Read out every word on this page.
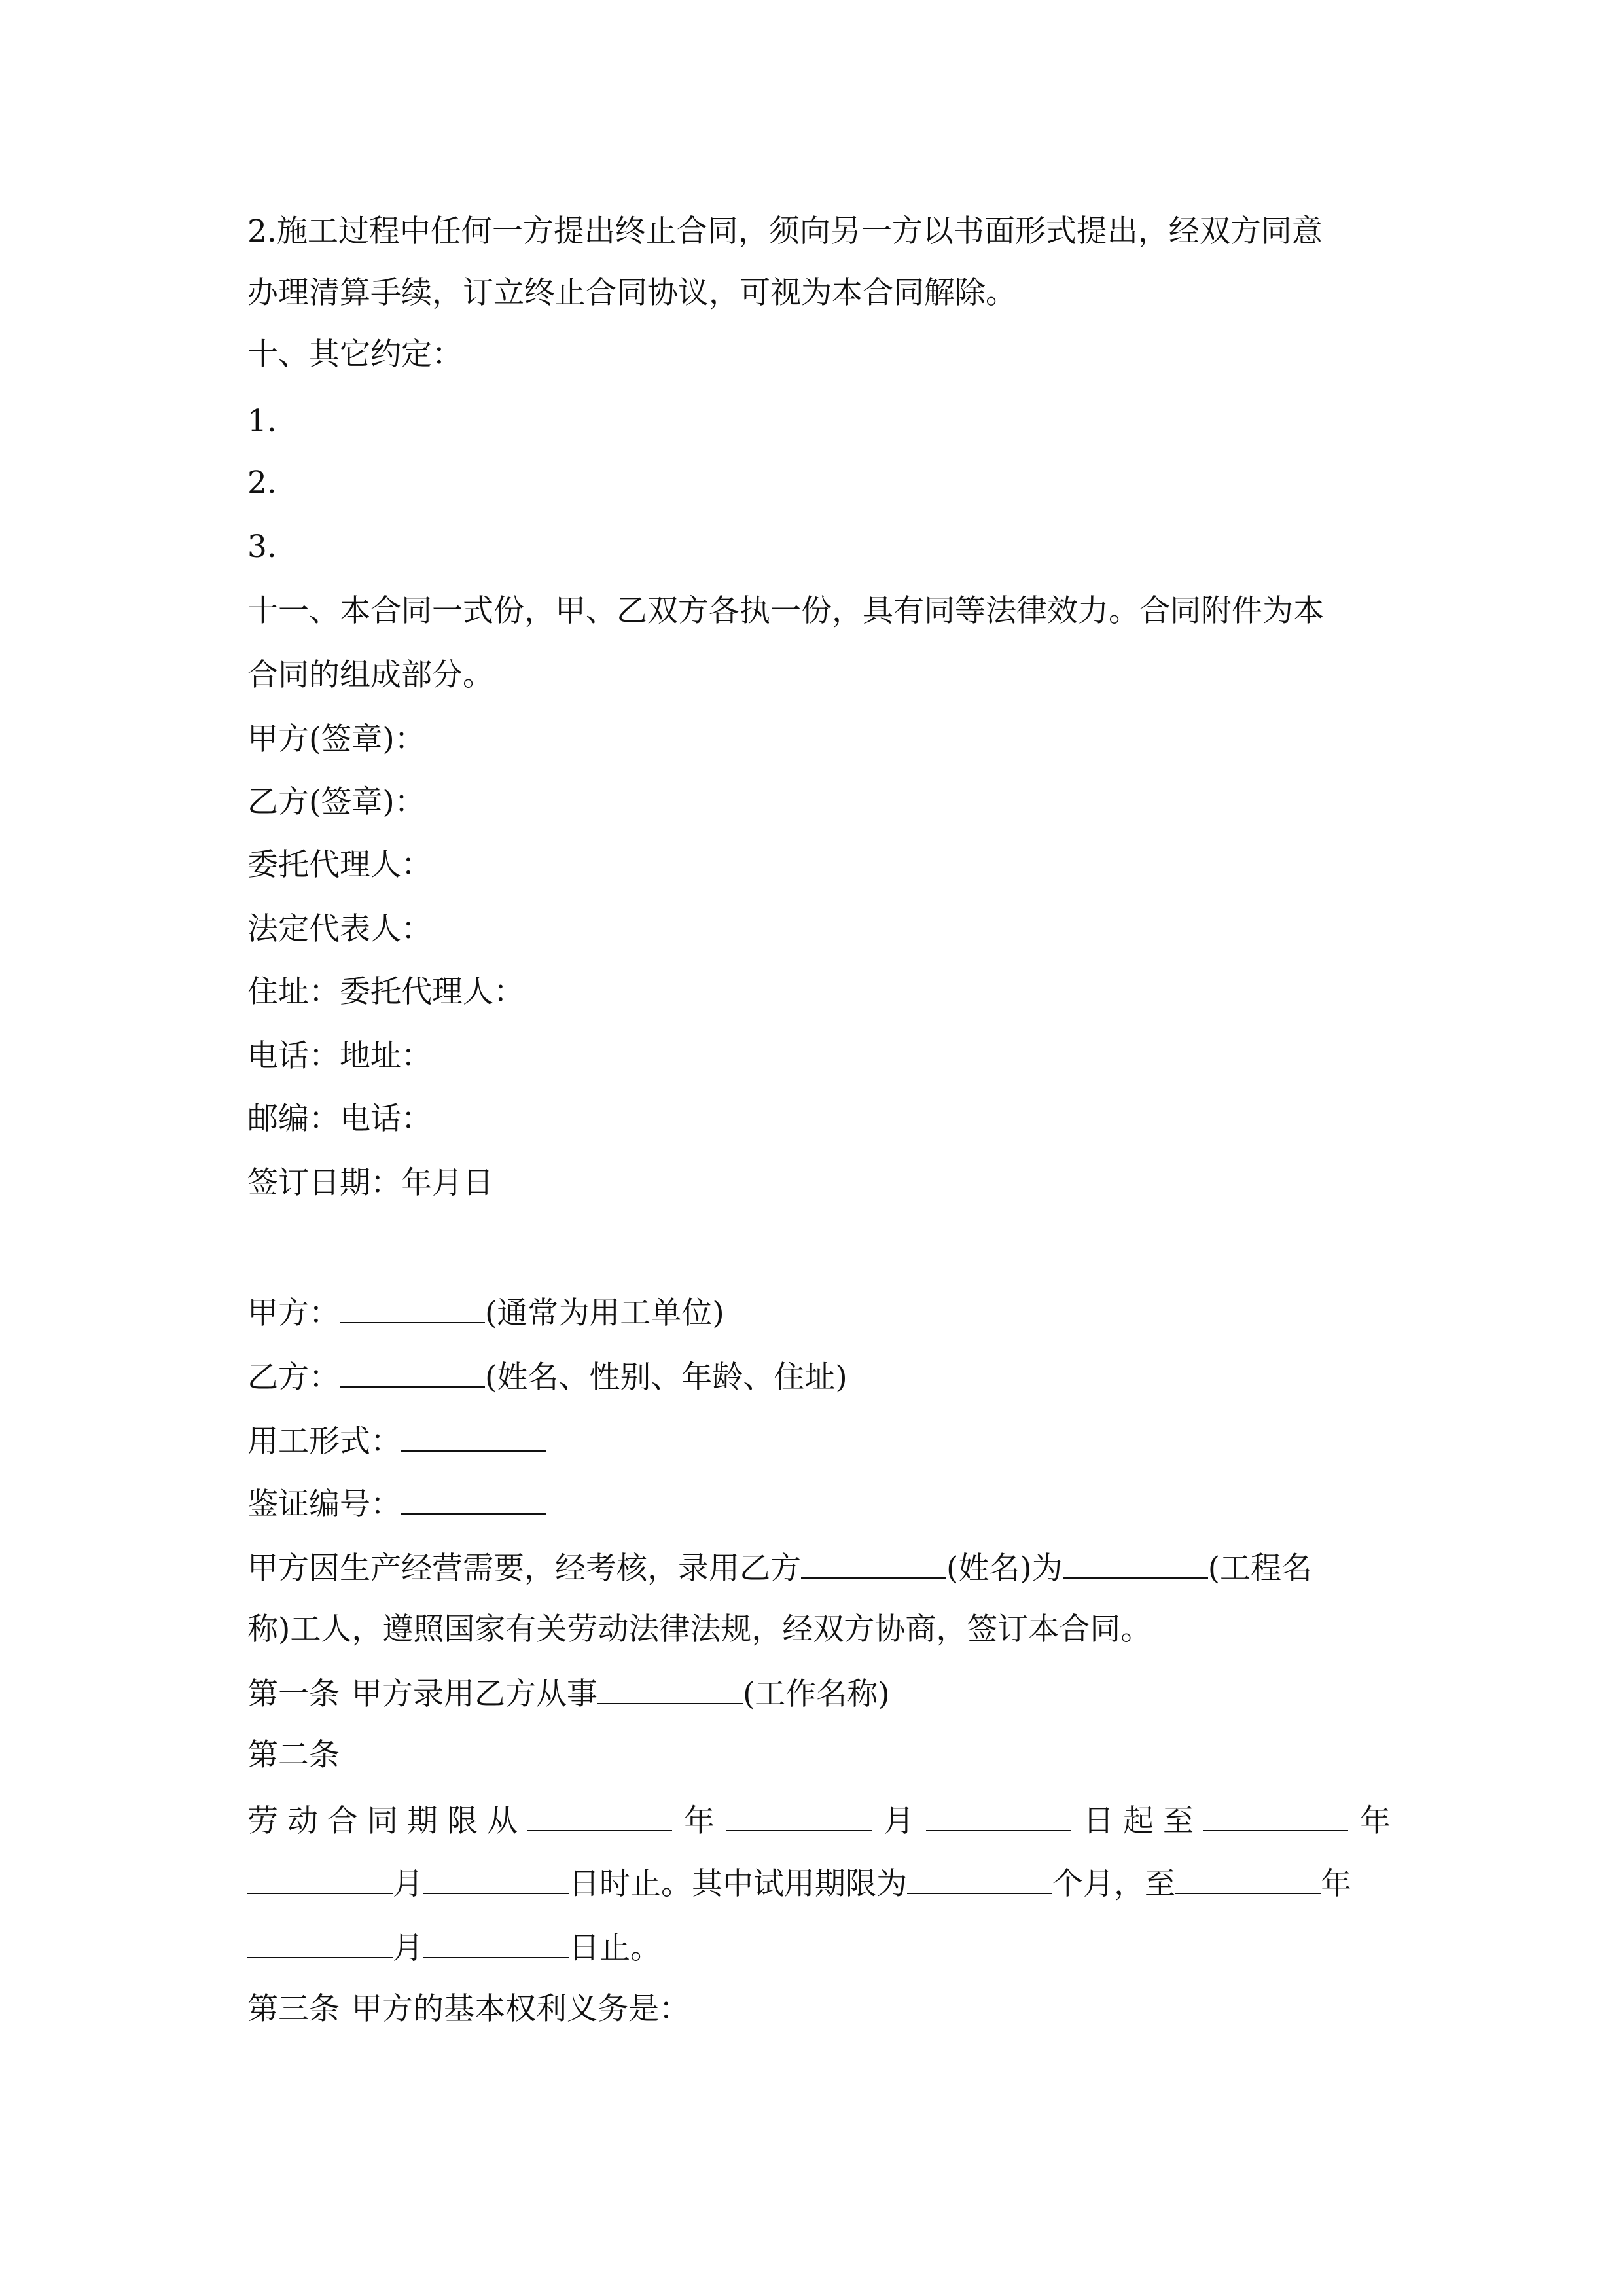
2.施工过程中任何一方提出终止合同，须向另一方以书面形式提出，经双方同意
办理清算手续，订立终止合同协议，可视为本合同解除。
十、其它约定：
1.
2.
3.
十一、本合同一式份，甲、乙双方各执一份，具有同等法律效力。合同附件为本
合同的组成部分。
甲方(签章)：
乙方(签章)：
委托代理人：
法定代表人：
住址：委托代理人：
电话：地址：
邮编：电话：
签订日期：年月日
甲方：	(通常为用工单位)
乙方：	(姓名、性别、年龄、住址)
用工形式：
鉴证编号：
甲方因生产经营需要，经考核，录用乙方	(姓名)为	(工程名
称)工人，遵照国家有关劳动法律法规，经双方协商，签订本合同。
第一条 甲方录用乙方从事	(工作名称)
第二条
劳动合同期限从	年	月	日起至	年
月	日时止。其中试用期限为	个月，至	年
月	日止。
第三条 甲方的基本权利义务是：
